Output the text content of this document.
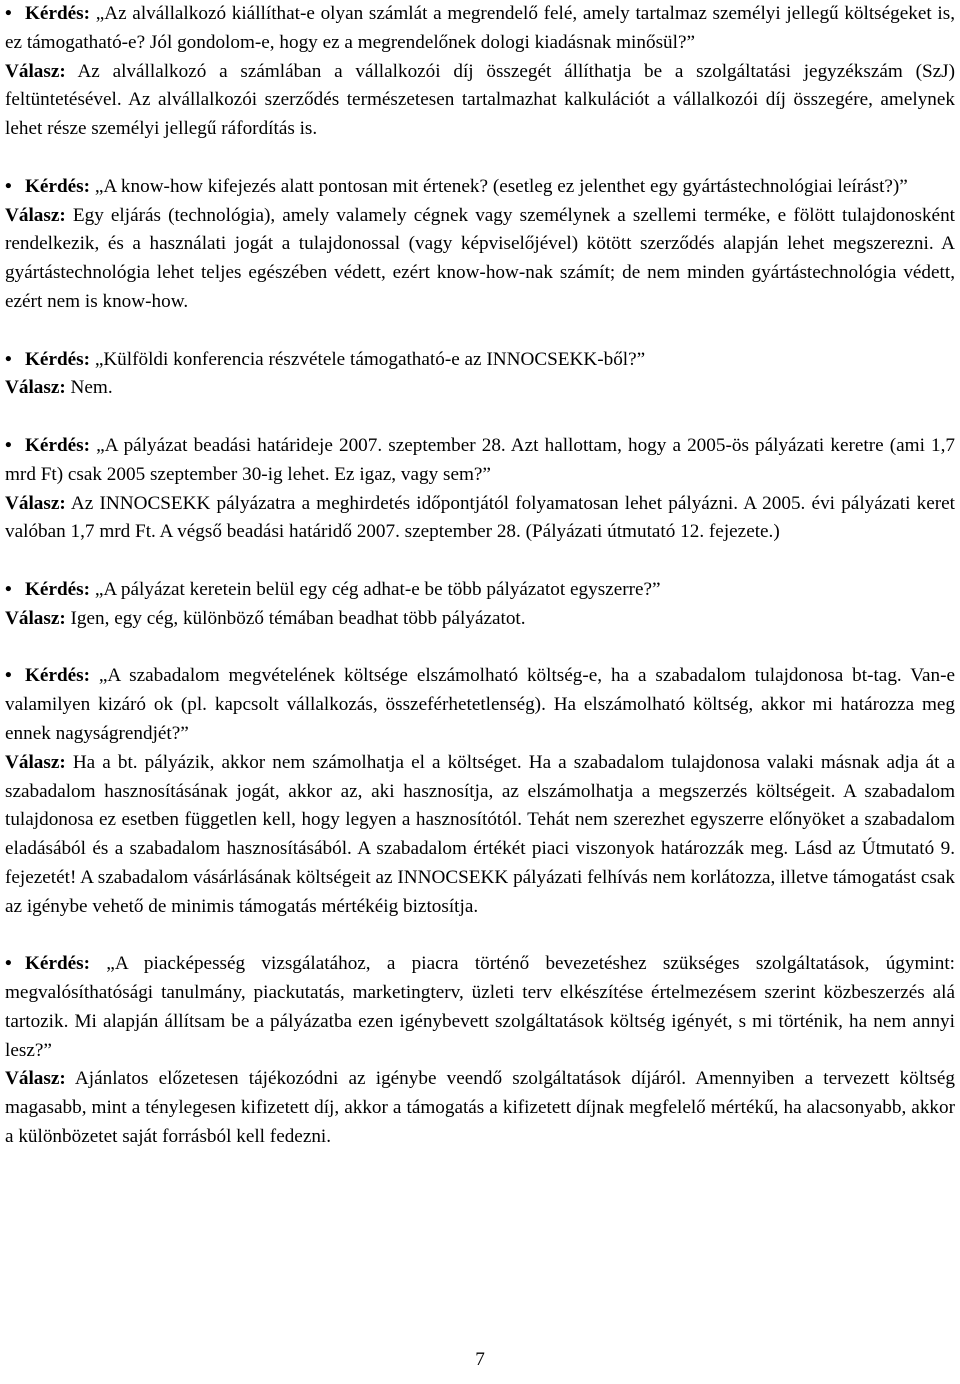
• Kérdés: „Az alvállalkozó kiállíthat-e olyan számlát a megrendelő felé, amely tartalmaz személyi jellegű költségeket is, ez támogatható-e? Jól gondolom-e, hogy ez a megrendelőnek dologi kiadásnak minősül?”

Válasz: Az alvállalkozó a számlában a vállalkozói díj összegét állíthatja be a szolgáltatási jegyzékszám (SzJ) feltüntetésével. Az alvállalkozói szerződés természetesen tartalmazhat kalkulációt a vállalkozói díj összegére, amelynek lehet része személyi jellegű ráfordítás is.

• Kérdés: „A know-how kifejezés alatt pontosan mit értenek? (esetleg ez jelenthet egy gyártástechnológiai leírást?)”

Válasz: Egy eljárás (technológia), amely valamely cégnek vagy személynek a szellemi terméke, e fölött tulajdonosként rendelkezik, és a használati jogát a tulajdonossal (vagy képviselőjével) kötött szerződés alapján lehet megszerezni. A gyártástechnológia lehet teljes egészében védett, ezért know-how-nak számít; de nem minden gyártástechnológia védett, ezért nem is know-how.

• Kérdés: „Külföldi konferencia részvétele támogatható-e az INNOCSEKK-ből?”

Válasz: Nem.

• Kérdés: „A pályázat beadási határideje 2007. szeptember 28. Azt hallottam, hogy a 2005-ös pályázati keretre (ami 1,7 mrd Ft) csak 2005 szeptember 30-ig lehet. Ez igaz, vagy sem?”

Válasz: Az INNOCSEKK pályázatra a meghirdetés időpontjától folyamatosan lehet pályázni. A 2005. évi pályázati keret valóban 1,7 mrd Ft. A végső beadási határidő 2007. szeptember 28. (Pályázati útmutató 12. fejezete.)

• Kérdés: „A pályázat keretein belül egy cég adhat-e be több pályázatot egyszerre?”

Válasz: Igen, egy cég, különböző témában beadhat több pályázatot.

• Kérdés: „A szabadalom megvételének költsége elszámolható költség-e, ha a szabadalom tulajdonosa bt-tag. Van-e valamilyen kizáró ok (pl. kapcsolt vállalkozás, összeférhetetlenség). Ha elszámolható költség, akkor mi határozza meg ennek nagyságrendjét?”

Válasz: Ha a bt. pályázik, akkor nem számolhatja el a költséget. Ha a szabadalom tulajdonosa valaki másnak adja át a szabadalom hasznosításának jogát, akkor az, aki hasznosítja, az elszámolhatja a megszerzés költségeit. A szabadalom tulajdonosa ez esetben független kell, hogy legyen a hasznosítótól. Tehát nem szerezhet egyszerre előnyöket a szabadalom eladásából és a szabadalom hasznosításából. A szabadalom értékét piaci viszonyok határozzák meg. Lásd az Útmutató 9. fejezetét! A szabadalom vásárlásának költségeit az INNOCSEKK pályázati felhívás nem korlátozza, illetve támogatást csak az igénybe vehető de minimis támogatás mértékéig biztosítja.

• Kérdés: „A piacképesség vizsgálatához, a piacra történő bevezetéshez szükséges szolgáltatások, úgymint: megvalósíthatósági tanulmány, piackutatás, marketingterv, üzleti terv elkészítése értelmezésem szerint közbeszerzés alá tartozik. Mi alapján állítsam be a pályázatba ezen igénybevett szolgáltatások költség igényét, s mi történik, ha nem annyi lesz?”

Válasz: Ajánlatos előzetesen tájékozódni az igénybe veendő szolgáltatások díjáról. Amennyiben a tervezett költség magasabb, mint a ténylegesen kifizetett díj, akkor a támogatás a kifizetett díjnak megfelelő mértékű, ha alacsonyabb, akkor a különbözetet saját forrásból kell fedezni.

7
